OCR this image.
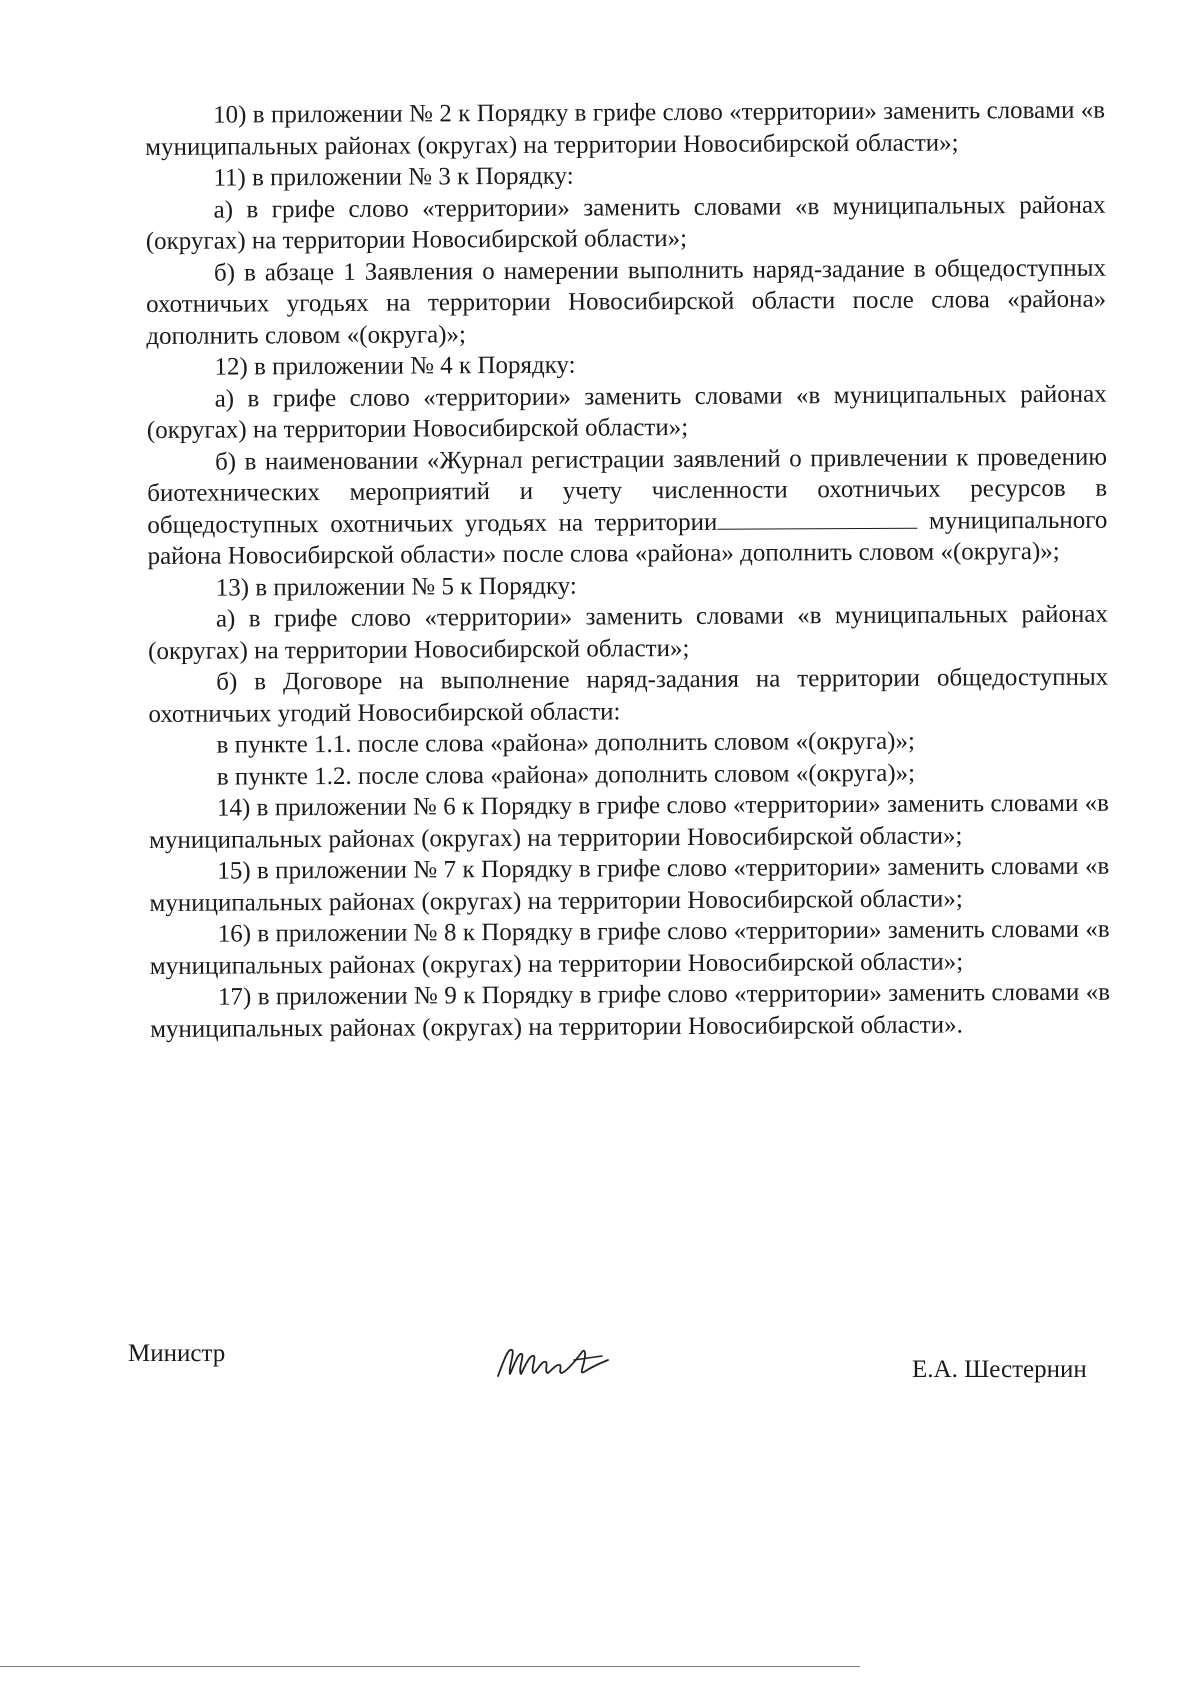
10) в приложении № 2 к Порядку в грифе слово «территории» заменить словами «в муниципальных районах (округах) на территории Новосибирской области»;

11) в приложении № 3 к Порядку:

а) в грифе слово «территории» заменить словами «в муниципальных районах (округах) на территории Новосибирской области»;

б) в абзаце 1 Заявления о намерении выполнить наряд-задание в общедоступных охотничьих угодьях на территории Новосибирской области после слова «района» дополнить словом «(округа)»;

12) в приложении № 4 к Порядку:

а) в грифе слово «территории» заменить словами «в муниципальных районах (округах) на территории Новосибирской области»;

б) в наименовании «Журнал регистрации заявлений о привлечении к проведению биотехнических мероприятий и учету численности охотничьих ресурсов в общедоступных охотничьих угодьях на территории	муниципального района Новосибирской области» после слова «района» дополнить словом «(округа)»;

13) в приложении № 5 к Порядку:

а) в грифе слово «территории» заменить словами «в муниципальных районах (округах) на территории Новосибирской области»;

б) в Договоре на выполнение наряд-задания на территории общедоступных охотничьих угодий Новосибирской области:

в пункте 1.1. после слова «района» дополнить словом «(округа)»;

в пункте 1.2. после слова «района» дополнить словом «(округа)»;

14) в приложении № 6 к Порядку в грифе слово «территории» заменить словами «в муниципальных районах (округах) на территории Новосибирской области»;

15) в приложении № 7 к Порядку в грифе слово «территории» заменить словами «в муниципальных районах (округах) на территории Новосибирской области»;

16) в приложении № 8 к Порядку в грифе слово «территории» заменить словами «в муниципальных районах (округах) на территории Новосибирской области»;

17) в приложении № 9 к Порядку в грифе слово «территории» заменить словами «в муниципальных районах (округах) на территории Новосибирской области».

Министр
Е.А. Шестернин
